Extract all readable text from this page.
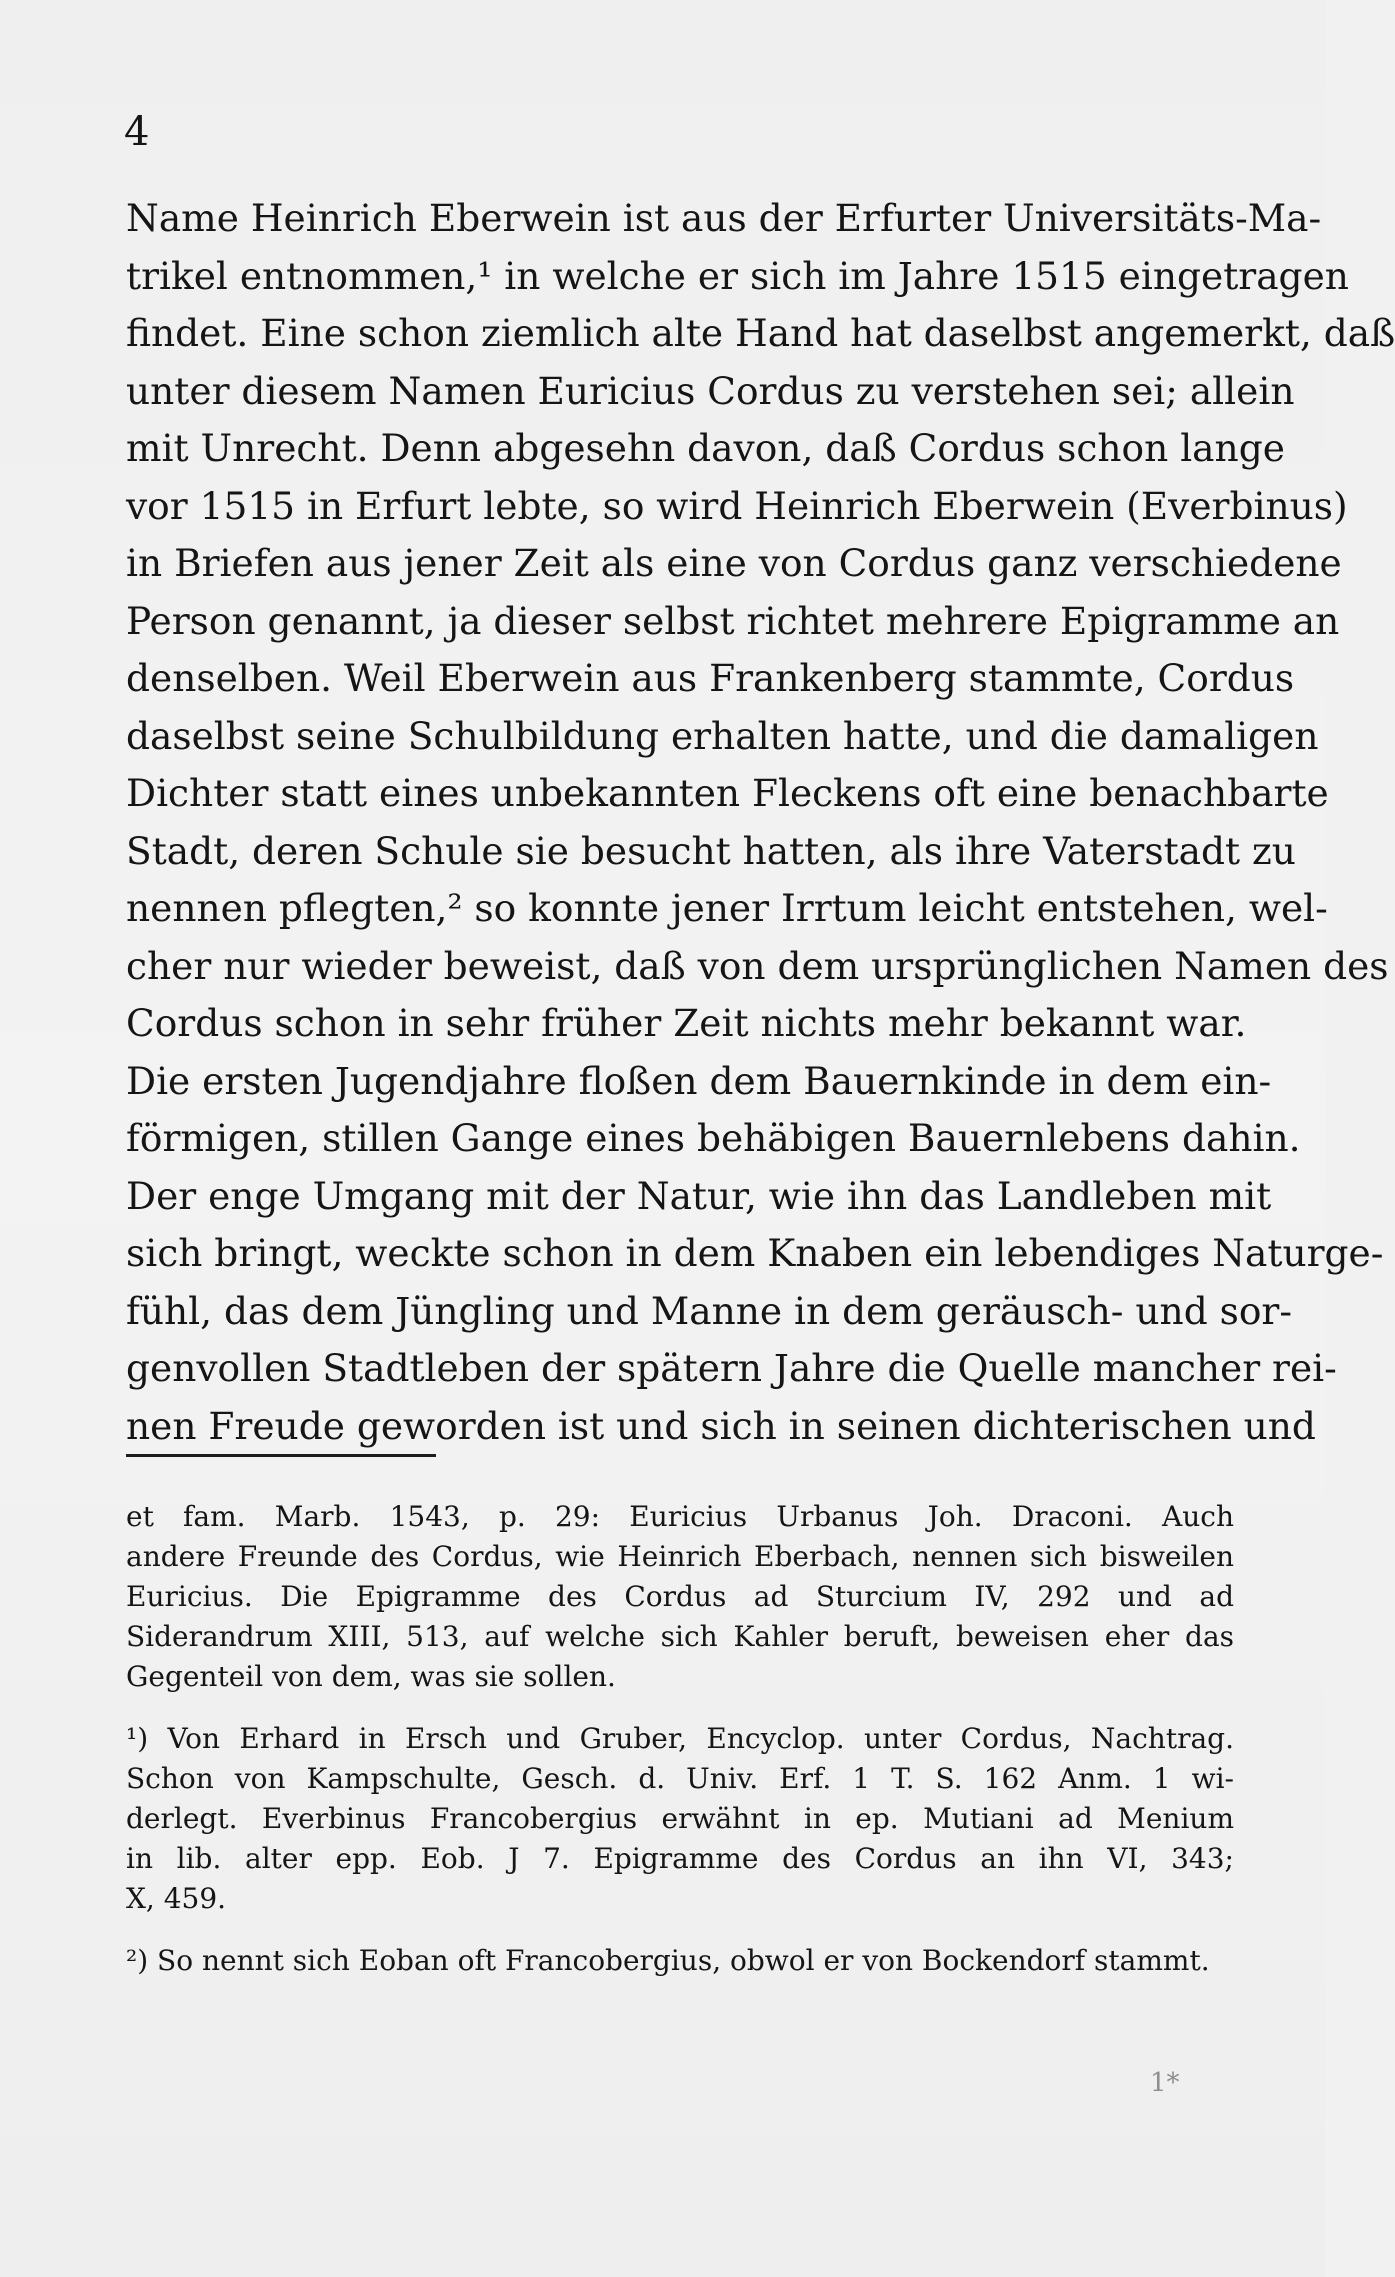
4
Name Heinrich Eberwein ist aus der Erfurter Universitäts-Ma-
trikel entnommen,¹ in welche er sich im Jahre 1515 eingetragen
findet. Eine schon ziemlich alte Hand hat daselbst angemerkt, daß
unter diesem Namen Euricius Cordus zu verstehen sei; allein
mit Unrecht. Denn abgesehn davon, daß Cordus schon lange
vor 1515 in Erfurt lebte, so wird Heinrich Eberwein (Everbinus)
in Briefen aus jener Zeit als eine von Cordus ganz verschiedene
Person genannt, ja dieser selbst richtet mehrere Epigramme an
denselben. Weil Eberwein aus Frankenberg stammte, Cordus
daselbst seine Schulbildung erhalten hatte, und die damaligen
Dichter statt eines unbekannten Fleckens oft eine benachbarte
Stadt, deren Schule sie besucht hatten, als ihre Vaterstadt zu
nennen pflegten,² so konnte jener Irrtum leicht entstehen, wel-
cher nur wieder beweist, daß von dem ursprünglichen Namen des
Cordus schon in sehr früher Zeit nichts mehr bekannt war.
Die ersten Jugendjahre floßen dem Bauernkinde in dem ein-
förmigen, stillen Gange eines behäbigen Bauernlebens dahin.
Der enge Umgang mit der Natur, wie ihn das Landleben mit
sich bringt, weckte schon in dem Knaben ein lebendiges Naturge-
fühl, das dem Jüngling und Manne in dem geräusch- und sor-
genvollen Stadtleben der spätern Jahre die Quelle mancher rei-
nen Freude geworden ist und sich in seinen dichterischen und
et fam. Marb. 1543, p. 29: Euricius Urbanus Joh. Draconi. Auch
andere Freunde des Cordus, wie Heinrich Eberbach, nennen sich bisweilen
Euricius. Die Epigramme des Cordus ad Sturcium IV, 292 und ad
Siderandrum XIII, 513, auf welche sich Kahler beruft, beweisen eher das
Gegenteil von dem, was sie sollen.
¹) Von Erhard in Ersch und Gruber, Encyclop. unter Cordus, Nachtrag.
Schon von Kampschulte, Gesch. d. Univ. Erf. 1 T. S. 162 Anm. 1 wi-
derlegt. Everbinus Francobergius erwähnt in ep. Mutiani ad Menium
in lib. alter epp. Eob. J 7. Epigramme des Cordus an ihn VI, 343;
X, 459.
²) So nennt sich Eoban oft Francobergius, obwol er von Bockendorf stammt.
1*
